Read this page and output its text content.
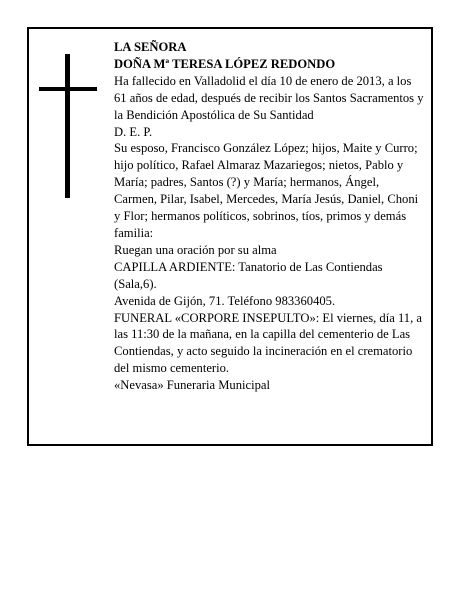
LA SEÑORA

DOÑA Mª TERESA LÓPEZ REDONDO

Ha fallecido en Valladolid el día 10 de enero de 2013, a los 61 años de edad, después de recibir los Santos Sacramentos y la Bendición Apostólica de Su Santidad

D. E. P.

Su esposo, Francisco González López; hijos, Maite y Curro; hijo político, Rafael Almaraz Mazariegos; nietos, Pablo y María; padres, Santos (?) y María; hermanos, Ángel, Carmen, Pilar, Isabel, Mercedes, María Jesús, Daniel, Choni y Flor; hermanos políticos, sobrinos, tíos, primos y demás familia:

Ruegan una oración por su alma

CAPILLA ARDIENTE: Tanatorio de Las Contiendas (Sala,6).

Avenida de Gijón, 71. Teléfono 983360405.

FUNERAL «CORPORE INSEPULTO»: El viernes, día 11, a las 11:30 de la mañana, en la capilla del cementerio de Las Contiendas, y acto seguido la incineración en el crematorio del mismo cementerio.

«Nevasa» Funeraria Municipal
